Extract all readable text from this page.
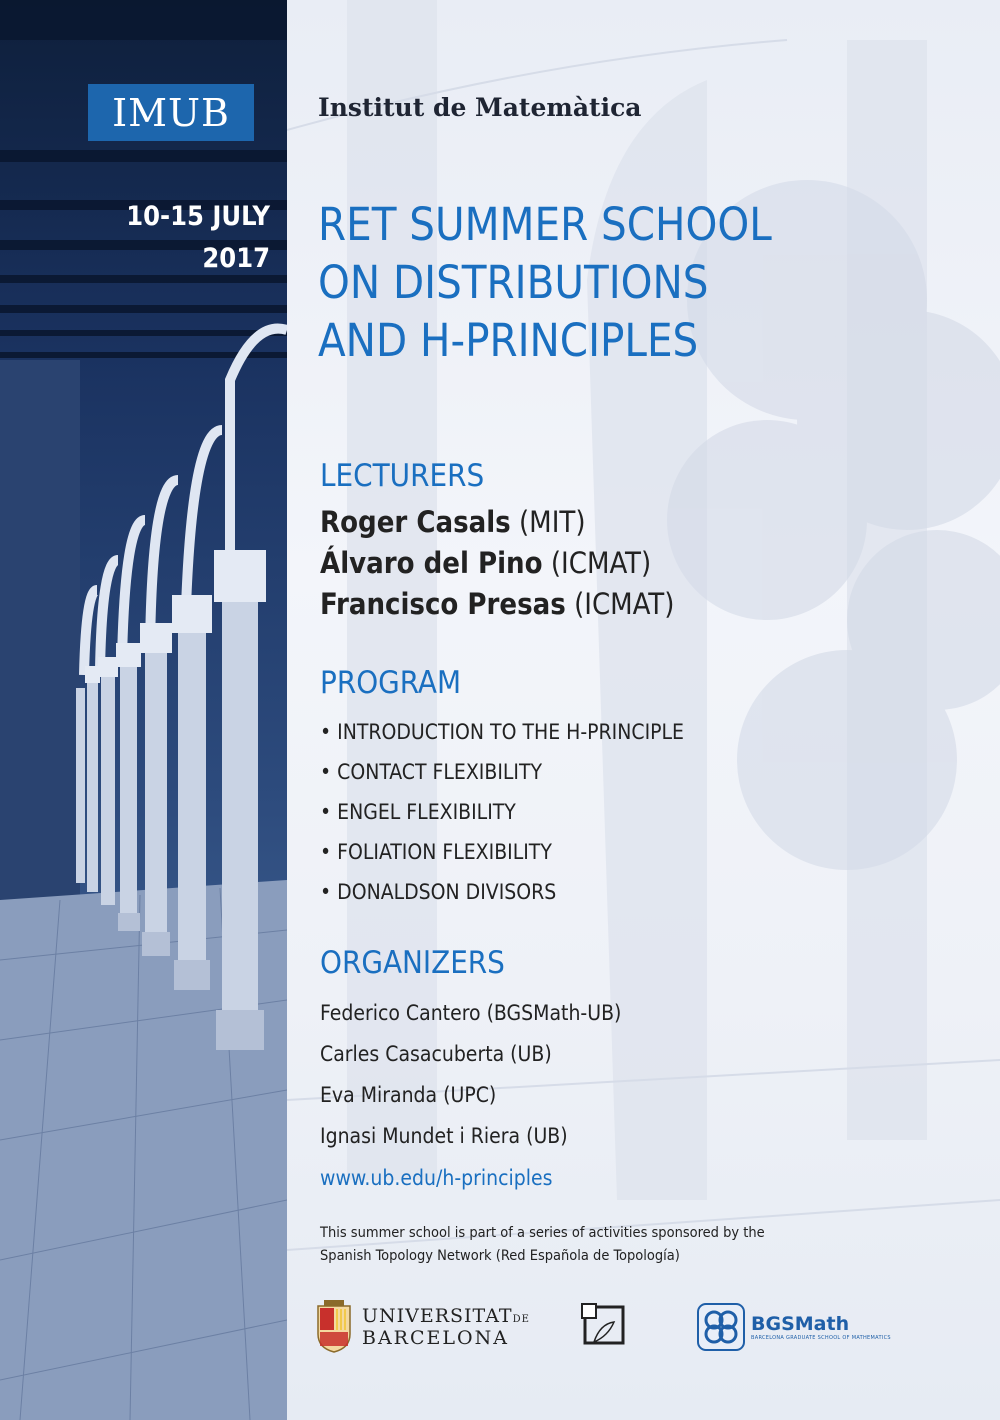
IMUB	Institut de Matemàtica
10-15 JULY
2017
RET SUMMER SCHOOL
ON DISTRIBUTIONS
AND H-PRINCIPLES
LECTURERS
Roger Casals (MIT)
Álvaro del Pino (ICMAT)
Francisco Presas (ICMAT)
PROGRAM
• INTRODUCTION TO THE H-PRINCIPLE
• CONTACT FLEXIBILITY
• ENGEL FLEXIBILITY
• FOLIATION FLEXIBILITY
• DONALDSON DIVISORS
ORGANIZERS
Federico Cantero (BGSMath-UB)
Carles Casacuberta (UB)
Eva Miranda (UPC)
Ignasi Mundet i Riera (UB)
www.ub.edu/h-principles
This summer school is part of a series of activities sponsored by the
Spanish Topology Network (Red Española de Topología)
UNIVERSITATDE
BARCELONA
BGSMath
BARCELONA GRADUATE SCHOOL OF MATHEMATICS
